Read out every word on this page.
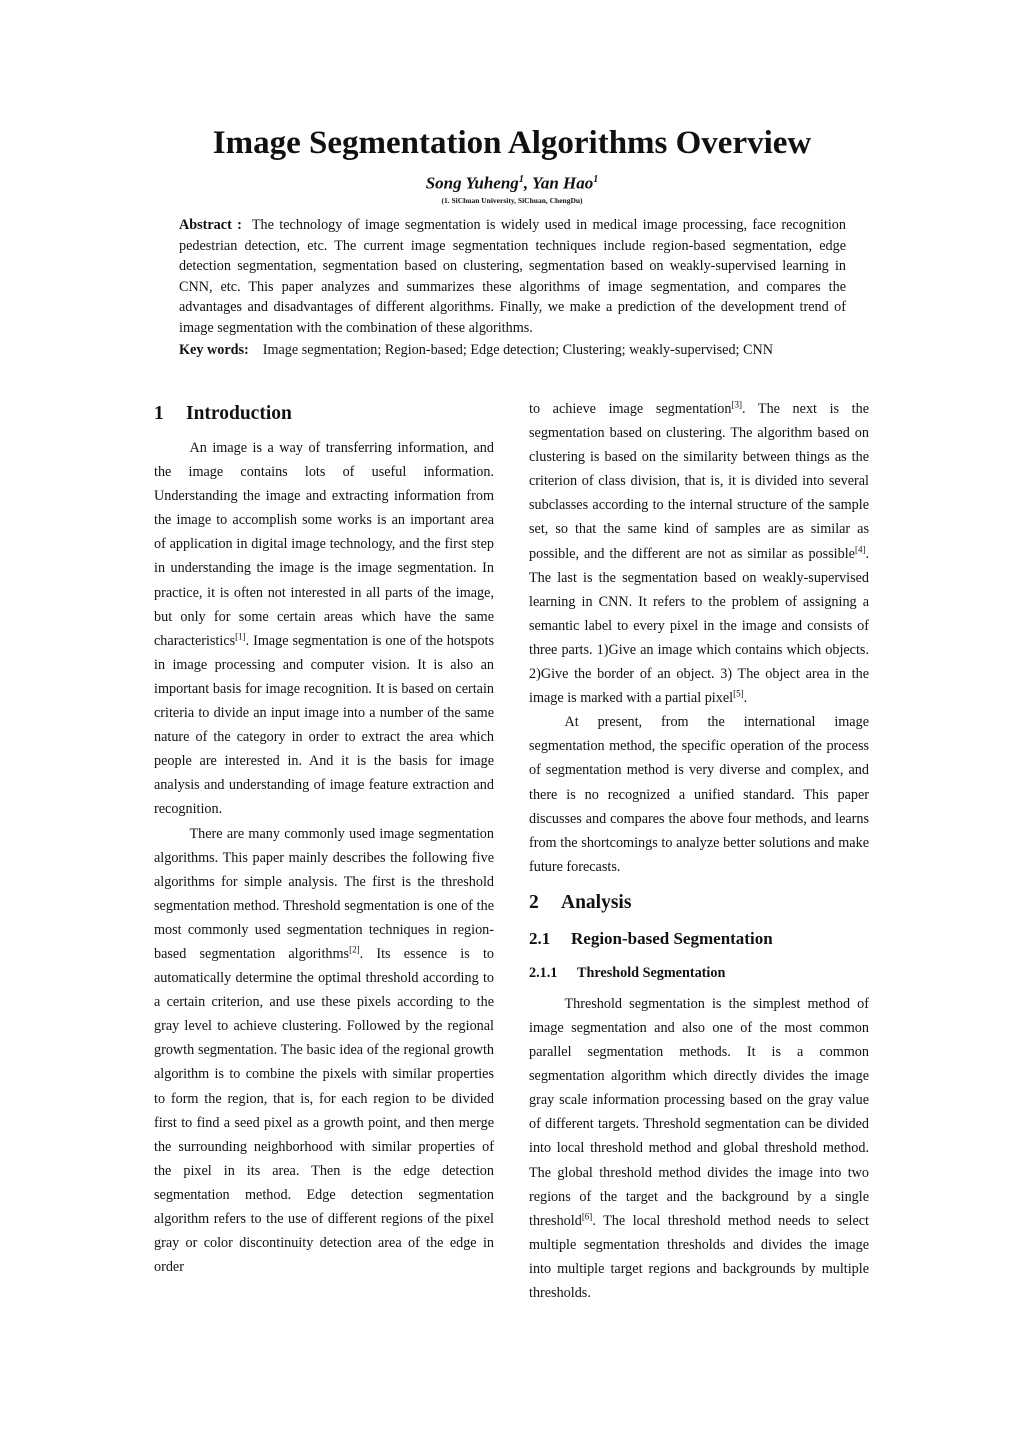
Image Segmentation Algorithms Overview
Song Yuheng$^1$, Yan Hao$^1$
(1. SiChuan University, SiChuan, ChengDu)
Abstract : The technology of image segmentation is widely used in medical image processing, face recognition pedestrian detection, etc. The current image segmentation techniques include region-based segmentation, edge detection segmentation, segmentation based on clustering, segmentation based on weakly-supervised learning in CNN, etc. This paper analyzes and summarizes these algorithms of image segmentation, and compares the advantages and disadvantages of different algorithms. Finally, we make a prediction of the development trend of image segmentation with the combination of these algorithms.
Key words: Image segmentation; Region-based; Edge detection; Clustering; weakly-supervised; CNN
1 Introduction

An image is a way of transferring information, and the image contains lots of useful information. Understanding the image and extracting information from the image to accomplish some works is an important area of application in digital image technology, and the first step in understanding the image is the image segmentation. In practice, it is often not interested in all parts of the image, but only for some certain areas which have the same characteristics[1]. Image segmentation is one of the hotspots in image processing and computer vision. It is also an important basis for image recognition. It is based on certain criteria to divide an input image into a number of the same nature of the category in order to extract the area which people are interested in. And it is the basis for image analysis and understanding of image feature extraction and recognition.

There are many commonly used image segmentation algorithms. This paper mainly describes the following five algorithms for simple analysis. The first is the threshold segmentation method. Threshold segmentation is one of the most commonly used segmentation techniques in region-based segmentation algorithms[2]. Its essence is to automatically determine the optimal threshold according to a certain criterion, and use these pixels according to the gray level to achieve clustering. Followed by the regional growth segmentation. The basic idea of the regional growth algorithm is to combine the pixels with similar properties to form the region, that is, for each region to be divided first to find a seed pixel as a growth point, and then merge the surrounding neighborhood with similar properties of the pixel in its area. Then is the edge detection segmentation method. Edge detection segmentation algorithm refers to the use of different regions of the pixel gray or color discontinuity detection area of the edge in order

to achieve image segmentation[3]. The next is the segmentation based on clustering. The algorithm based on clustering is based on the similarity between things as the criterion of class division, that is, it is divided into several subclasses according to the internal structure of the sample set, so that the same kind of samples are as similar as possible, and the different are not as similar as possible[4]. The last is the segmentation based on weakly-supervised learning in CNN. It refers to the problem of assigning a semantic label to every pixel in the image and consists of three parts. 1)Give an image which contains which objects. 2)Give the border of an object. 3) The object area in the image is marked with a partial pixel[5].

At present, from the international image segmentation method, the specific operation of the process of segmentation method is very diverse and complex, and there is no recognized a unified standard. This paper discusses and compares the above four methods, and learns from the shortcomings to analyze better solutions and make future forecasts.

2 Analysis
2.1 Region-based Segmentation
2.1.1 Threshold Segmentation

Threshold segmentation is the simplest method of image segmentation and also one of the most common parallel segmentation methods. It is a common segmentation algorithm which directly divides the image gray scale information processing based on the gray value of different targets. Threshold segmentation can be divided into local threshold method and global threshold method. The global threshold method divides the image into two regions of the target and the background by a single threshold[6]. The local threshold method needs to select multiple segmentation thresholds and divides the image into multiple target regions and backgrounds by multiple thresholds.
